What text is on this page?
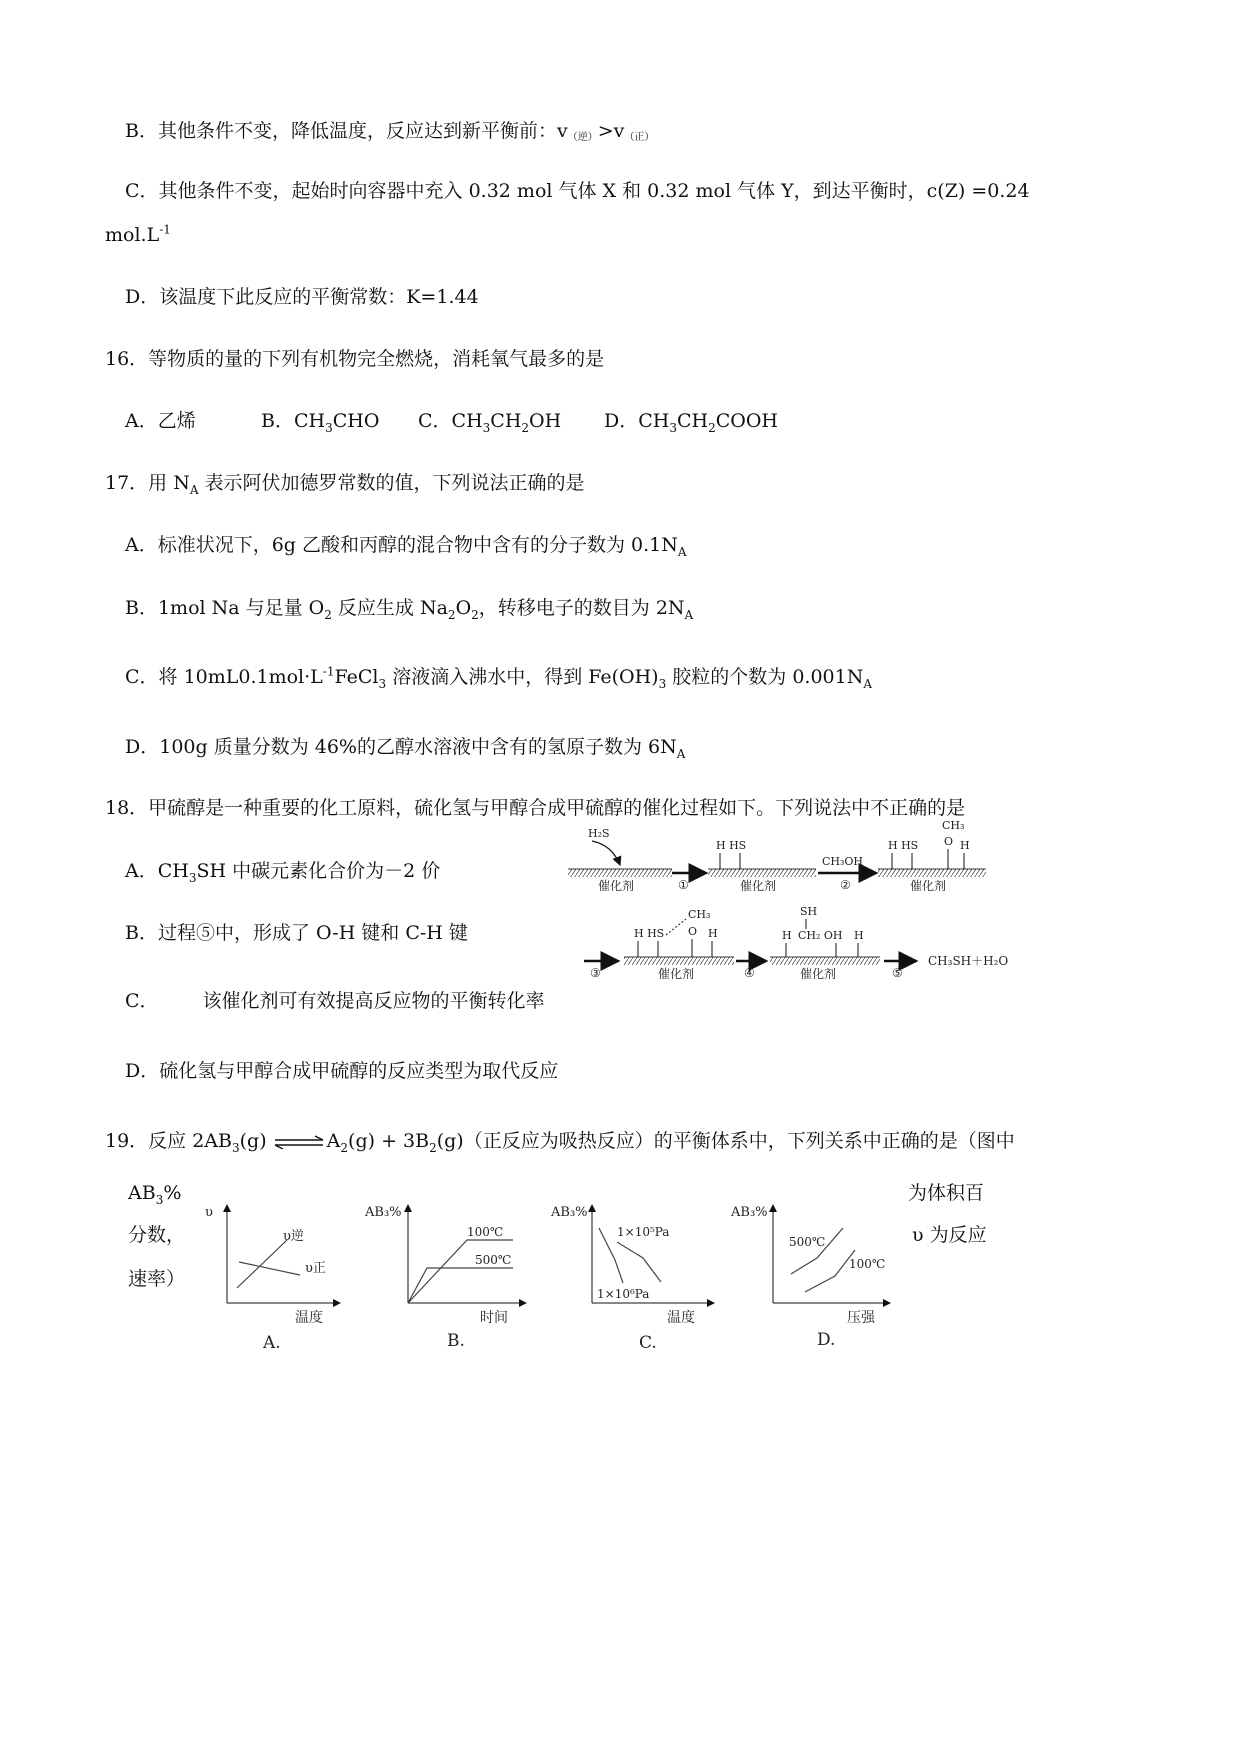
B．其他条件不变，降低温度，反应达到新平衡前：v（逆）>v（正）
C．其他条件不变，起始时向容器中充入 0.32 mol 气体 X 和 0.32 mol 气体 Y，到达平衡时，c(Z) =0.24
$mol.L^{-1}$
D．该温度下此反应的平衡常数：K=1.44
16．等物质的量的下列有机物完全燃烧，消耗氧气最多的是
A．乙烯	B．$CH_3CHO$ C．$CH_3CH_2OH$ D．$CH_3CH_2COOH$
17．用 $N_A$ 表示阿伏加德罗常数的值，下列说法正确的是
A．标准状况下，6g 乙酸和丙醇的混合物中含有的分子数为 $0.1N_A$
B．1mol Na 与足量 $O_2$ 反应生成 $Na_2O_2$，转移电子的数目为 $2N_A$
C．将 $10mL0.1mol\cdot L^{-1}FeCl_3$ 溶液滴入沸水中，得到 $Fe(OH)_3$ 胶粒的个数为 $0.001N_A$
D．100g 质量分数为 46%的乙醇水溶液中含有的氢原子数为 $6N_A$
18．甲硫醇是一种重要的化工原料，硫化氢与甲醇合成甲硫醇的催化过程如下。下列说法中不正确的是
A．$CH_3SH$ 中碳元素化合价为－2 价
B．过程⑤中，形成了 O-H 键和 C-H 键
C． 该催化剂可有效提高反应物的平衡转化率
D．硫化氢与甲醇合成甲硫醇的反应类型为取代反应
催化剂
H₂S
①	催化剂
H HS
CH₃OH
②	催化剂
H HS
CH₃
O H
③	催化剂
H HS
CH₃
O H
④	催化剂
SH
H CH₂ OH H
⑤
CH₃SH＋H₂O
19．反应 $2AB_3(g)$ $\rightleftharpoons A_2(g) + 3B_2(g)$（正反应为吸热反应）的平衡体系中，下列关系中正确的是（图中
$AB_3\%$
分数，
速率）
为体积百
υ 为反应
υ
温度
υ逆
υ正
A.
AB₃%
时间
100℃
500℃
B.
AB₃%
温度
1×10⁵Pa
1×10⁶Pa
C.
AB₃%
压强
500℃
100℃
D.
